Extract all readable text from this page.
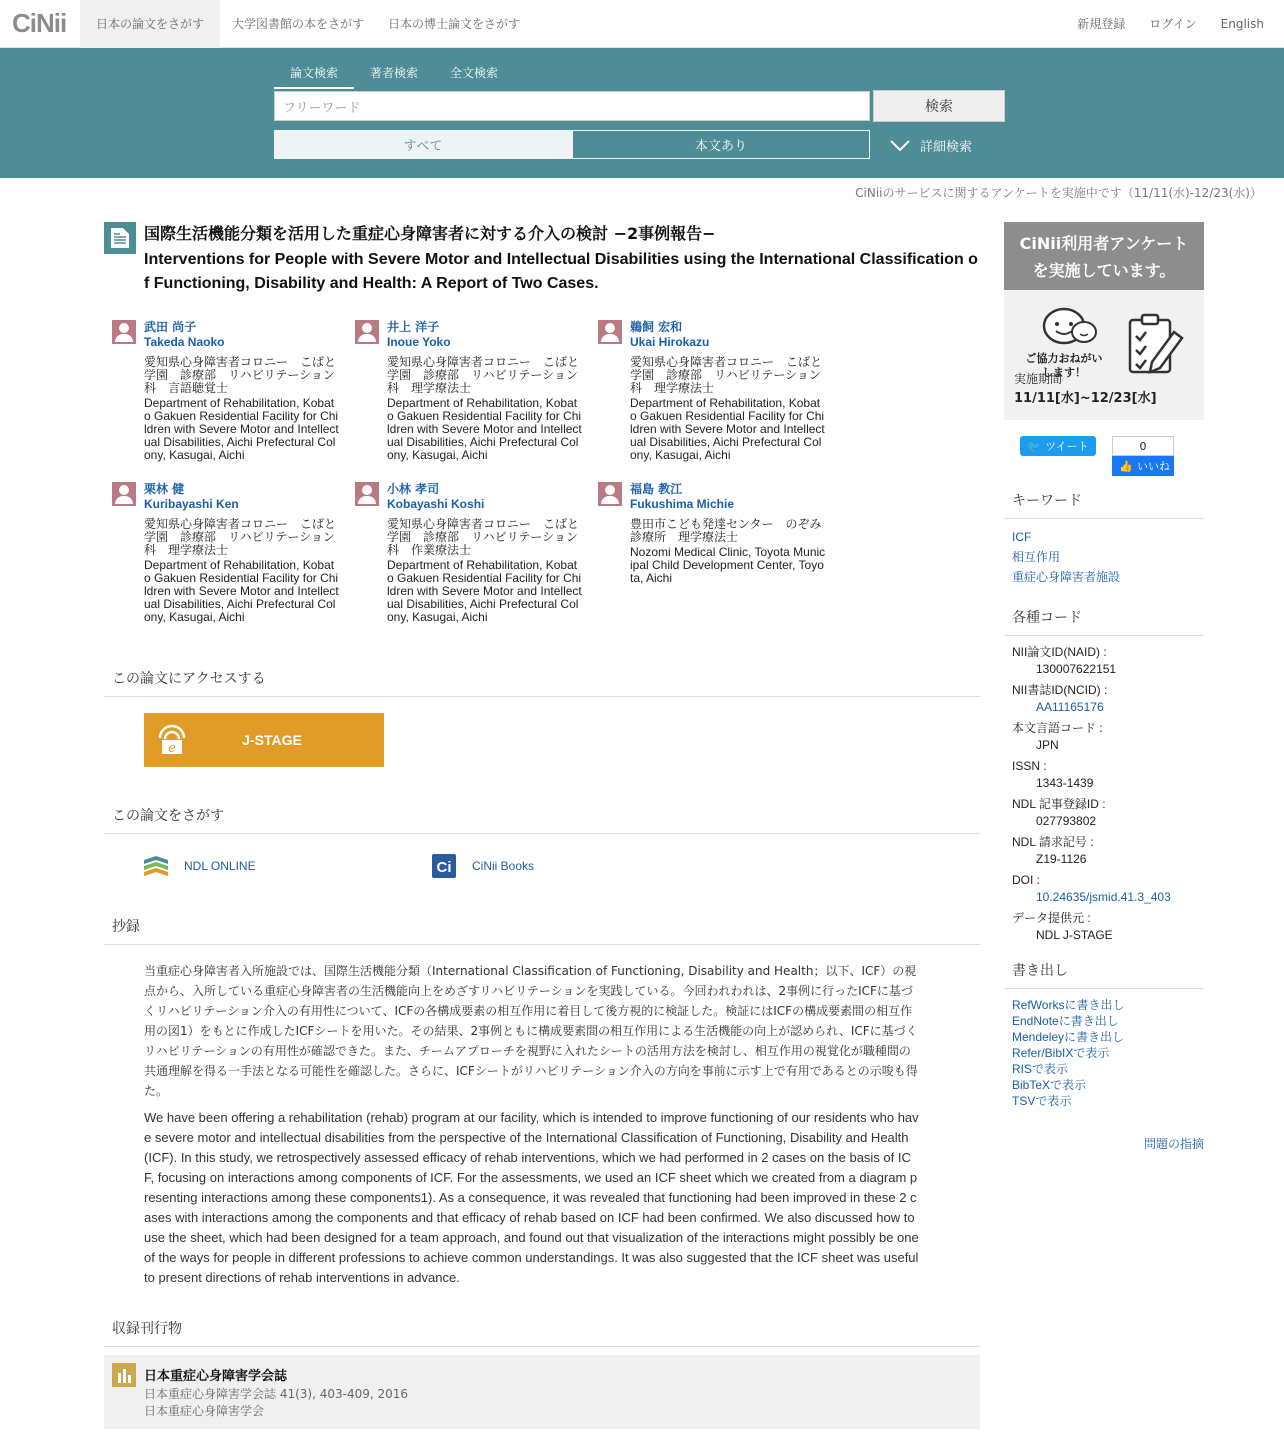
CiNii	日本の論文をさがす	大学図書館の本をさがす	日本の博士論文をさがす	新規登録	ログイン	English
論文検索	著者検索	全文検索
フリーワード	検索
すべて	本文あり	詳細検索
CiNiiのサービスに関するアンケートを実施中です（11/11(水)-12/23(水)）
国際生活機能分類を活用した重症心身障害者に対する介入の検討 −2事例報告−
Interventions for People with Severe Motor and Intellectual Disabilities using the International Classification of Functioning, Disability and Health: A Report of Two Cases.
武田 尚子
Takeda Naoko
愛知県心身障害者コロニー　こばと学園　診療部　リハビリテーション科　言語聴覚士
Department of Rehabilitation, Kobato Gakuen Residential Facility for Children with Severe Motor and Intellectual Disabilities, Aichi Prefectural Colony, Kasugai, Aichi
井上 洋子
Inoue Yoko
愛知県心身障害者コロニー　こばと学園　診療部　リハビリテーション科　理学療法士
Department of Rehabilitation, Kobato Gakuen Residential Facility for Children with Severe Motor and Intellectual Disabilities, Aichi Prefectural Colony, Kasugai, Aichi
鵜飼 宏和
Ukai Hirokazu
愛知県心身障害者コロニー　こばと学園　診療部　リハビリテーション科　理学療法士
Department of Rehabilitation, Kobato Gakuen Residential Facility for Children with Severe Motor and Intellectual Disabilities, Aichi Prefectural Colony, Kasugai, Aichi
栗林 健
Kuribayashi Ken
愛知県心身障害者コロニー　こばと学園　診療部　リハビリテーション科　理学療法士
Department of Rehabilitation, Kobato Gakuen Residential Facility for Children with Severe Motor and Intellectual Disabilities, Aichi Prefectural Colony, Kasugai, Aichi
小林 孝司
Kobayashi Koshi
愛知県心身障害者コロニー　こばと学園　診療部　リハビリテーション科　作業療法士
Department of Rehabilitation, Kobato Gakuen Residential Facility for Children with Severe Motor and Intellectual Disabilities, Aichi Prefectural Colony, Kasugai, Aichi
福島 教江
Fukushima Michie
豊田市こども発達センター　のぞみ診療所　理学療法士
Nozomi Medical Clinic, Toyota Municipal Child Development Center, Toyota, Aichi
この論文にアクセスする
e
J-STAGE
この論文をさがす
NDL ONLINE	Ci CiNii Books
抄録

当重症心身障害者入所施設では、国際生活機能分類（International Classification of Functioning, Disability and Health；以下、ICF）の視点から、入所している重症心身障害者の生活機能向上をめざすリハビリテーションを実践している。今回われわれは、2事例に行ったICFに基づくリハビリテーション介入の有用性について、ICFの各構成要素の相互作用に着目して後方視的に検証した。検証にはICFの構成要素間の相互作用の図1）をもとに作成したICFシートを用いた。その結果、2事例ともに構成要素間の相互作用による生活機能の向上が認められ、ICFに基づくリハビリテーションの有用性が確認できた。また、チームアプローチを視野に入れたシートの活用方法を検討し、相互作用の視覚化が職種間の共通理解を得る一手法となる可能性を確認した。さらに、ICFシートがリハビリテーション介入の方向を事前に示す上で有用であるとの示唆も得た。

We have been offering a rehabilitation (rehab) program at our facility, which is intended to improve functioning of our residents who have severe motor and intellectual disabilities from the perspective of the International Classification of Functioning, Disability and Health (ICF). In this study, we retrospectively assessed efficacy of rehab interventions, which we had performed in 2 cases on the basis of ICF, focusing on interactions among components of ICF. For the assessments, we used an ICF sheet which we created from a diagram presenting interactions among these components1). As a consequence, it was revealed that functioning had been improved in these 2 cases with interactions among the components and that efficacy of rehab based on ICF had been confirmed. We also discussed how to use the sheet, which had been designed for a team approach, and found out that visualization of the interactions might possibly be one of the ways for people in different professions to achieve common understandings. It was also suggested that the ICF sheet was useful to present directions of rehab interventions in advance.

収録刊行物
日本重症心身障害学会誌
日本重症心身障害学会誌 41(3), 403-409, 2016
日本重症心身障害学会
CiNii利用者アンケート
を実施しています。
ご協力おねがいします！
実施期間 11/11[水]~12/23[水]
🐦 ツイート	0
👍 いいね
キーワード
ICF
相互作用
重症心身障害者施設
各種コード
NII論文ID(NAID) :
130007622151
NII書誌ID(NCID) :
AA11165176
本文言語コード :
JPN
ISSN :
1343-1439
NDL 記事登録ID :
027793802
NDL 請求記号 :
Z19-1126
DOI :
10.24635/jsmid.41.3_403
データ提供元 :
NDL J-STAGE
書き出し
RefWorksに書き出し
EndNoteに書き出し
Mendeleyに書き出し
Refer/BibIXで表示
RISで表示
BibTeXで表示
TSVで表示
問題の指摘
